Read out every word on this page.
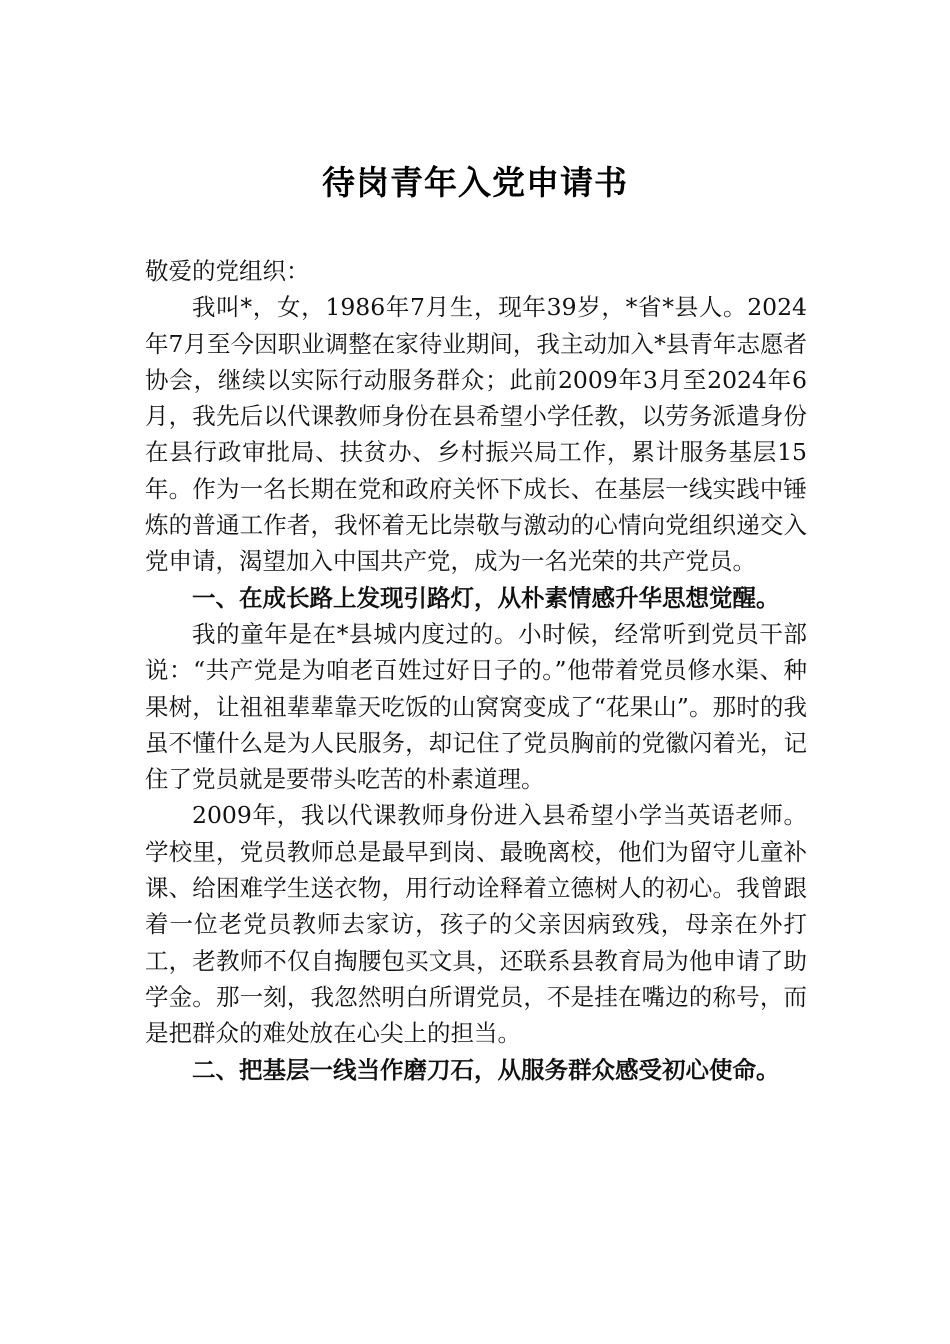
待岗青年入党申请书

敬爱的党组织：

我叫*，女，1986年7月生，现年39岁，*省*县人。2024年7月至今因职业调整在家待业期间，我主动加入*县青年志愿者协会，继续以实际行动服务群众；此前2009年3月至2024年6月，我先后以代课教师身份在县希望小学任教，以劳务派遣身份在县行政审批局、扶贫办、乡村振兴局工作，累计服务基层15年。作为一名长期在党和政府关怀下成长、在基层一线实践中锤炼的普通工作者，我怀着无比崇敬与激动的心情向党组织递交入党申请，渴望加入中国共产党，成为一名光荣的共产党员。

一、在成长路上发现引路灯，从朴素情感升华思想觉醒。

我的童年是在*县城内度过的。小时候，经常听到党员干部说：“共产党是为咱老百姓过好日子的。”他带着党员修水渠、种果树，让祖祖辈辈靠天吃饭的山窝窝变成了“花果山”。那时的我虽不懂什么是为人民服务，却记住了党员胸前的党徽闪着光，记住了党员就是要带头吃苦的朴素道理。

2009年，我以代课教师身份进入县希望小学当英语老师。学校里，党员教师总是最早到岗、最晚离校，他们为留守儿童补课、给困难学生送衣物，用行动诠释着立德树人的初心。我曾跟着一位老党员教师去家访，孩子的父亲因病致残，母亲在外打工，老教师不仅自掏腰包买文具，还联系县教育局为他申请了助学金。那一刻，我忽然明白所谓党员，不是挂在嘴边的称号，而是把群众的难处放在心尖上的担当。

二、把基层一线当作磨刀石，从服务群众感受初心使命。
